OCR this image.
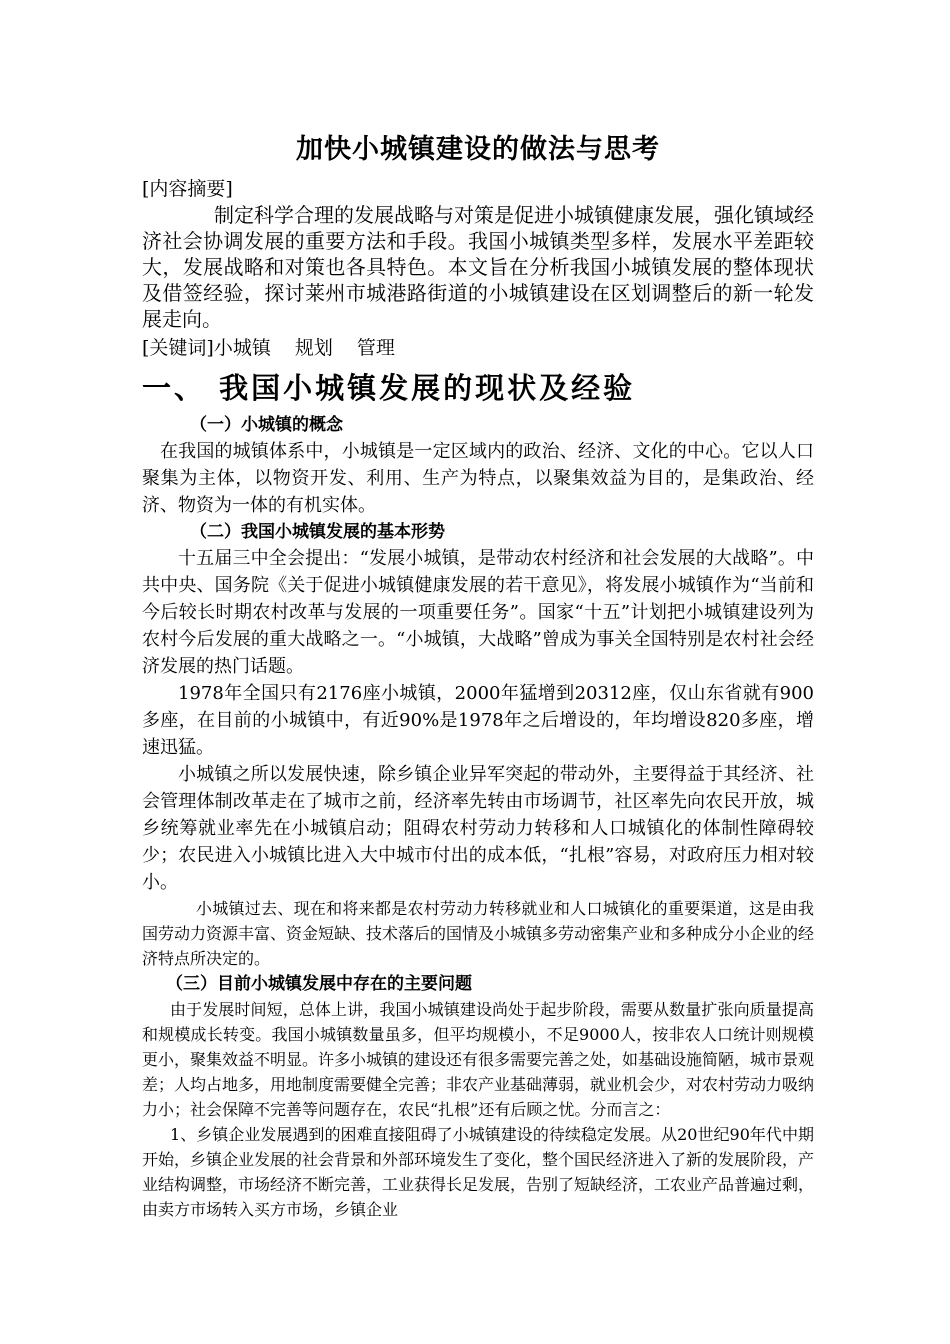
加快小城镇建设的做法与思考
[内容摘要]

制定科学合理的发展战略与对策是促进小城镇健康发展，强化镇域经济社会协调发展的重要方法和手段。我国小城镇类型多样，发展水平差距较大，发展战略和对策也各具特色。本文旨在分析我国小城镇发展的整体现状及借签经验，探讨莱州市城港路街道的小城镇建设在区划调整后的新一轮发展走向。

[关键词]小城镇 规划 管理
一、 我国小城镇发展的现状及经验
（一）小城镇的概念

在我国的城镇体系中，小城镇是一定区域内的政治、经济、文化的中心。它以人口聚集为主体，以物资开发、利用、生产为特点，以聚集效益为目的，是集政治、经济、物资为一体的有机实体。

（二）我国小城镇发展的基本形势

十五届三中全会提出：“发展小城镇，是带动农村经济和社会发展的大战略”。中共中央、国务院《关于促进小城镇健康发展的若干意见》，将发展小城镇作为“当前和今后较长时期农村改革与发展的一项重要任务”。国家“十五”计划把小城镇建设列为农村今后发展的重大战略之一。“小城镇，大战略”曾成为事关全国特别是农村社会经济发展的热门话题。

1978年全国只有2176座小城镇，2000年猛增到20312座，仅山东省就有900多座，在目前的小城镇中，有近90%是1978年之后增设的，年均增设820多座，增速迅猛。

小城镇之所以发展快速，除乡镇企业异军突起的带动外，主要得益于其经济、社会管理体制改革走在了城市之前，经济率先转由市场调节，社区率先向农民开放，城乡统筹就业率先在小城镇启动；阻碍农村劳动力转移和人口城镇化的体制性障碍较少；农民进入小城镇比进入大中城市付出的成本低，“扎根”容易，对政府压力相对较小。

小城镇过去、现在和将来都是农村劳动力转移就业和人口城镇化的重要渠道，这是由我国劳动力资源丰富、资金短缺、技术落后的国情及小城镇多劳动密集产业和多种成分小企业的经济特点所决定的。

（三）目前小城镇发展中存在的主要问题

由于发展时间短，总体上讲，我国小城镇建设尚处于起步阶段，需要从数量扩张向质量提高和规模成长转变。我国小城镇数量虽多，但平均规模小，不足9000人，按非农人口统计则规模更小，聚集效益不明显。许多小城镇的建设还有很多需要完善之处，如基础设施简陋，城市景观差；人均占地多，用地制度需要健全完善；非农产业基础薄弱，就业机会少，对农村劳动力吸纳力小；社会保障不完善等问题存在，农民“扎根”还有后顾之忧。分而言之：

1、乡镇企业发展遇到的困难直接阻碍了小城镇建设的待续稳定发展。从20世纪90年代中期开始，乡镇企业发展的社会背景和外部环境发生了变化，整个国民经济进入了新的发展阶段，产业结构调整，市场经济不断完善，工业获得长足发展，告别了短缺经济，工农业产品普遍过剩，由卖方市场转入买方市场，乡镇企业
